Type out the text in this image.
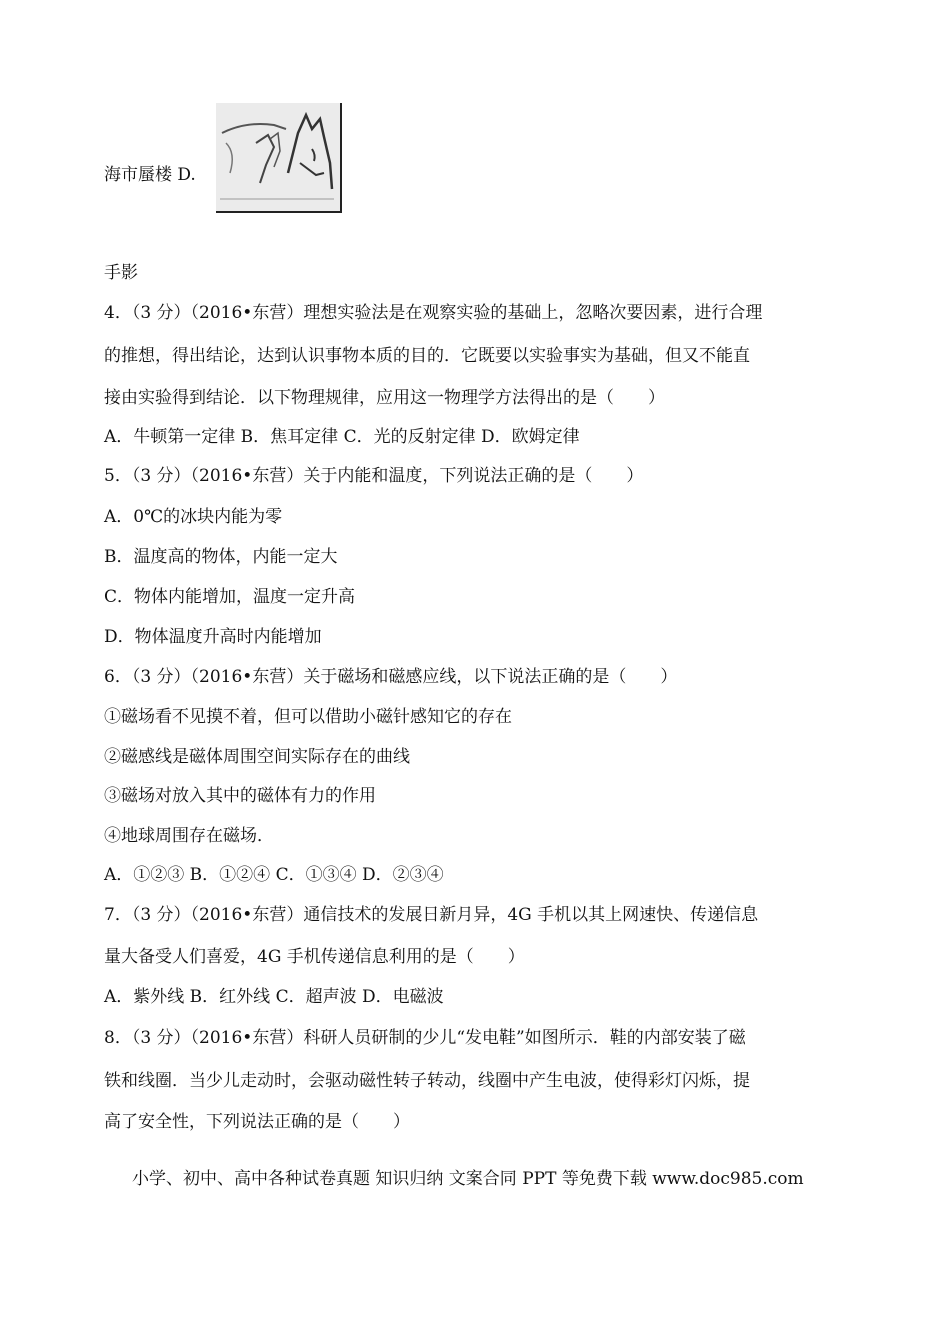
海市蜃楼 D.
手影
4．（3 分）（2016•东营）理想实验法是在观察实验的基础上，忽略次要因素，进行合理
的推想，得出结论，达到认识事物本质的目的．它既要以实验事实为基础，但又不能直
接由实验得到结论．以下物理规律，应用这一物理学方法得出的是（　　）
A．牛顿第一定律 B．焦耳定律 C．光的反射定律 D．欧姆定律
5．（3 分）（2016•东营）关于内能和温度，下列说法正确的是（　　）
A．0℃的冰块内能为零
B．温度高的物体，内能一定大
C．物体内能增加，温度一定升高
D．物体温度升高时内能增加
6．（3 分）（2016•东营）关于磁场和磁感应线，以下说法正确的是（　　）
①磁场看不见摸不着，但可以借助小磁针感知它的存在
②磁感线是磁体周围空间实际存在的曲线
③磁场对放入其中的磁体有力的作用
④地球周围存在磁场．
A．①②③ B．①②④ C．①③④ D．②③④
7．（3 分）（2016•东营）通信技术的发展日新月异，4G 手机以其上网速快、传递信息
量大备受人们喜爱，4G 手机传递信息利用的是（　　）
A．紫外线 B．红外线 C．超声波 D．电磁波
8．（3 分）（2016•东营）科研人员研制的少儿“发电鞋”如图所示．鞋的内部安装了磁
铁和线圈．当少儿走动时，会驱动磁性转子转动，线圈中产生电波，使得彩灯闪烁，提
高了安全性，下列说法正确的是（　　）
小学、初中、高中各种试卷真题 知识归纳 文案合同 PPT 等免费下载 www.doc985.com
